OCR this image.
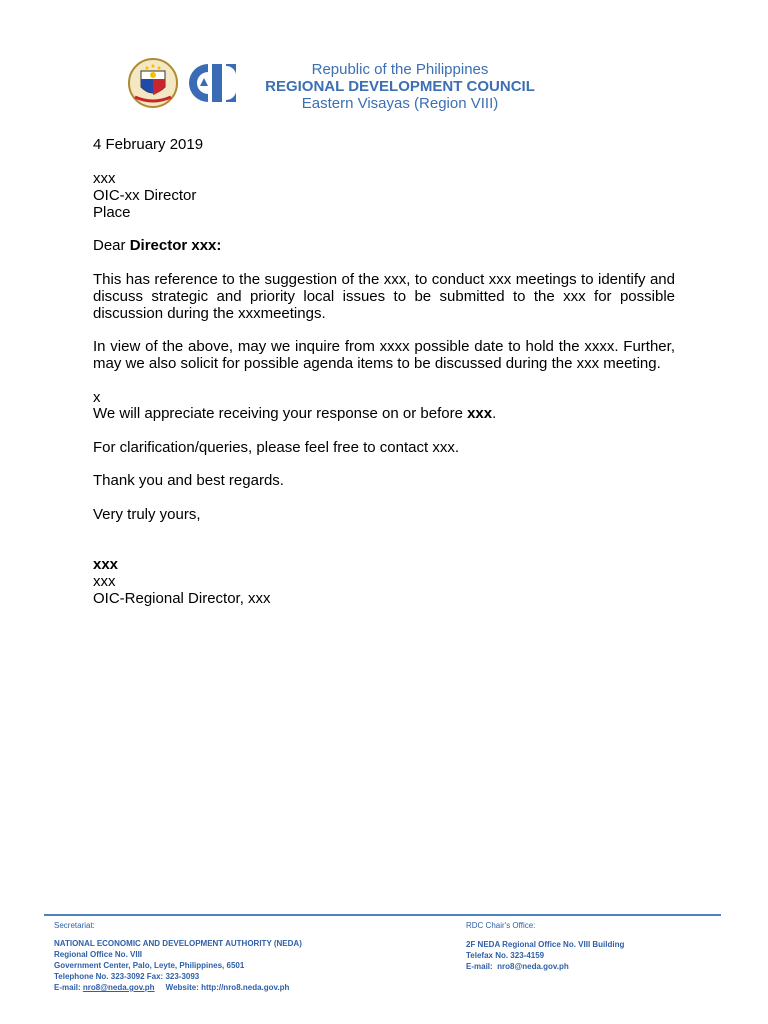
Republic of the Philippines
REGIONAL DEVELOPMENT COUNCIL
Eastern Visayas (Region VIII)
4 February 2019
xxx
OIC-xx Director
Place
Dear Director xxx:
This has reference to the suggestion of the xxx, to conduct xxx meetings to identify and discuss strategic and priority local issues to be submitted to the xxx for possible discussion during the xxxmeetings.
In view of the above, may we inquire from xxxx possible date to hold the xxxx. Further, may we also solicit for possible agenda items to be discussed during the xxx meeting.
x
We will appreciate receiving your response on or before xxx.
For clarification/queries, please feel free to contact xxx.
Thank you and best regards.
Very truly yours,
xxx
xxx
OIC-Regional Director, xxx
Secretariat:
NATIONAL ECONOMIC AND DEVELOPMENT AUTHORITY (NEDA)
Regional Office No. VIII
Government Center, Palo, Leyte, Philippines, 6501
Telephone No. 323-3092 Fax: 323-3093
E-mail: nro8@neda.gov.ph     Website: http://nro8.neda.gov.ph
RDC Chair's Office:
2F NEDA Regional Office No. VIII Building
Telefax No. 323-4159
E-mail:  nro8@neda.gov.ph
